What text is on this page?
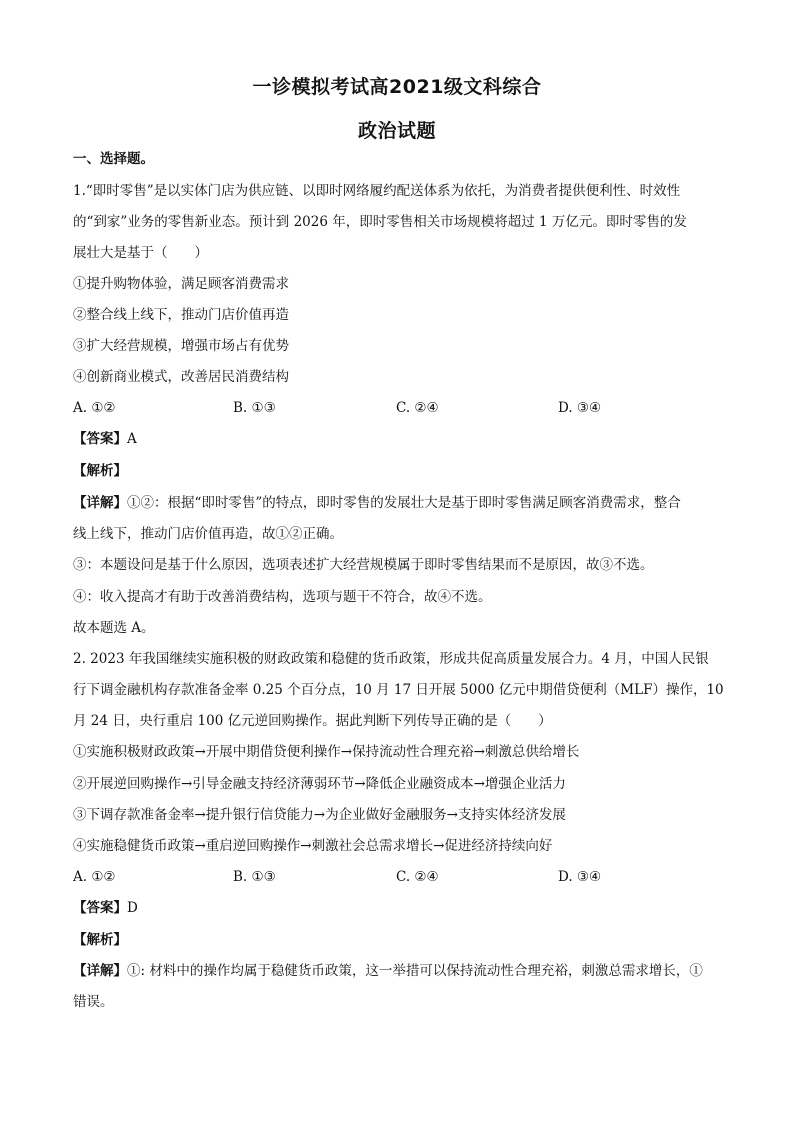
一诊模拟考试高2021级文科综合
政治试题
一、选择题。
1.“即时零售”是以实体门店为供应链、以即时网络履约配送体系为依托，为消费者提供便利性、时效性
的“到家”业务的零售新业态。预计到 2026 年，即时零售相关市场规模将超过 1 万亿元。即时零售的发
展壮大是基于（　　）
①提升购物体验，满足顾客消费需求
②整合线上线下，推动门店价值再造
③扩大经营规模，增强市场占有优势
④创新商业模式，改善居民消费结构
A. ①②	B. ①③	C. ②④	D. ③④
【答案】A
【解析】
【详解】①②：根据“即时零售”的特点，即时零售的发展壮大是基于即时零售满足顾客消费需求，整合
线上线下，推动门店价值再造，故①②正确。
③：本题设问是基于什么原因，选项表述扩大经营规模属于即时零售结果而不是原因，故③不选。
④：收入提高才有助于改善消费结构，选项与题干不符合，故④不选。
故本题选 A。
2. 2023 年我国继续实施积极的财政政策和稳健的货币政策，形成共促高质量发展合力。4 月，中国人民银
行下调金融机构存款准备金率 0.25 个百分点，10 月 17 日开展 5000 亿元中期借贷便利（MLF）操作，10
月 24 日，央行重启 100 亿元逆回购操作。据此判断下列传导正确的是（　　）
①实施积极财政政策→开展中期借贷便利操作→保持流动性合理充裕→刺激总供给增长
②开展逆回购操作→引导金融支持经济薄弱环节→降低企业融资成本→增强企业活力
③下调存款准备金率→提升银行信贷能力→为企业做好金融服务→支持实体经济发展
④实施稳健货币政策→重启逆回购操作→刺激社会总需求增长→促进经济持续向好
A. ①②	B. ①③	C. ②④	D. ③④
【答案】D
【解析】
【详解】①: 材料中的操作均属于稳健货币政策，这一举措可以保持流动性合理充裕，刺激总需求增长，①
错误。
